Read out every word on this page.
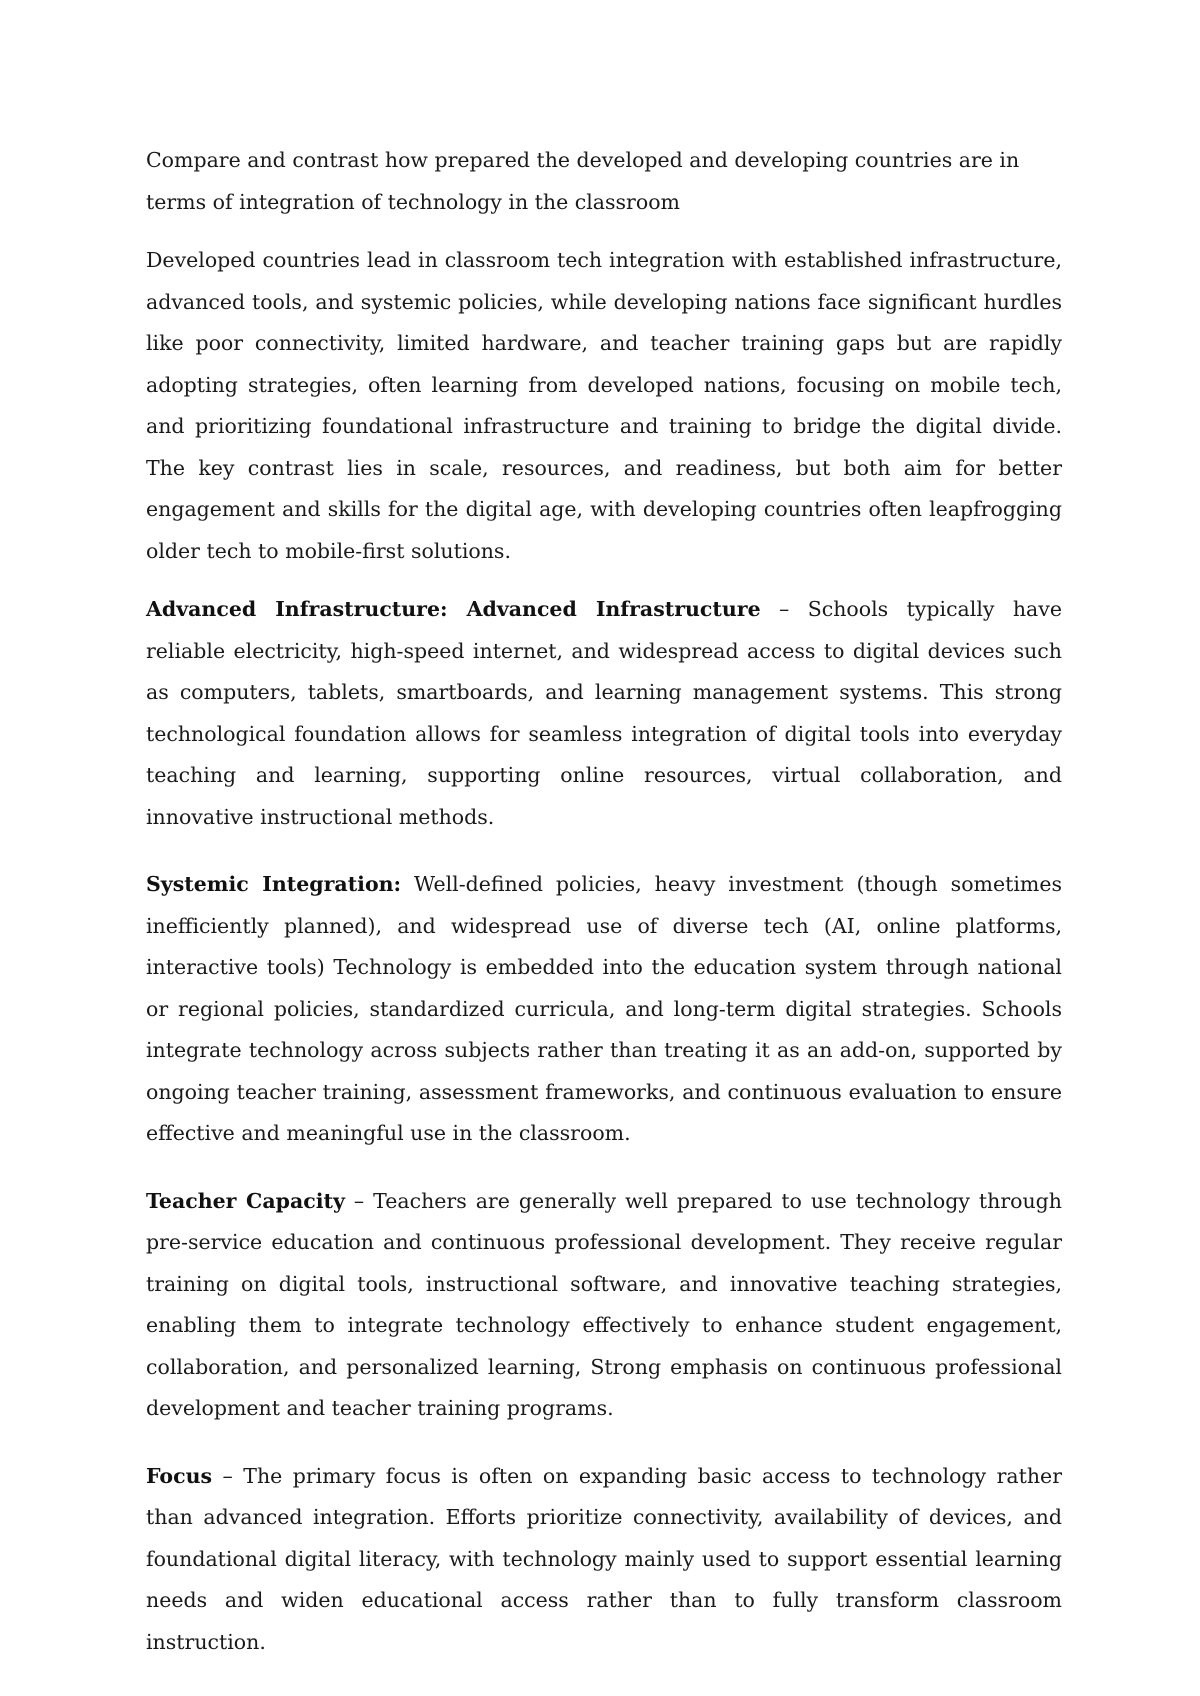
Compare and contrast how prepared the developed and developing countries are in terms of integration of technology in the classroom

Developed countries lead in classroom tech integration with established infrastructure, advanced tools, and systemic policies, while developing nations face significant hurdles like poor connectivity, limited hardware, and teacher training gaps but are rapidly adopting strategies, often learning from developed nations, focusing on mobile tech, and prioritizing foundational infrastructure and training to bridge the digital divide. The key contrast lies in scale, resources, and readiness, but both aim for better engagement and skills for the digital age, with developing countries often leapfrogging older tech to mobile-first solutions.

Advanced Infrastructure: Advanced Infrastructure – Schools typically have reliable electricity, high-speed internet, and widespread access to digital devices such as computers, tablets, smartboards, and learning management systems. This strong technological foundation allows for seamless integration of digital tools into everyday teaching and learning, supporting online resources, virtual collaboration, and innovative instructional methods.

Systemic Integration: Well-defined policies, heavy investment (though sometimes inefficiently planned), and widespread use of diverse tech (AI, online platforms, interactive tools) Technology is embedded into the education system through national or regional policies, standardized curricula, and long-term digital strategies. Schools integrate technology across subjects rather than treating it as an add-on, supported by ongoing teacher training, assessment frameworks, and continuous evaluation to ensure effective and meaningful use in the classroom.

Teacher Capacity – Teachers are generally well prepared to use technology through pre-service education and continuous professional development. They receive regular training on digital tools, instructional software, and innovative teaching strategies, enabling them to integrate technology effectively to enhance student engagement, collaboration, and personalized learning, Strong emphasis on continuous professional development and teacher training programs.

Focus – The primary focus is often on expanding basic access to technology rather than advanced integration. Efforts prioritize connectivity, availability of devices, and foundational digital literacy, with technology mainly used to support essential learning needs and widen educational access rather than to fully transform classroom instruction.
